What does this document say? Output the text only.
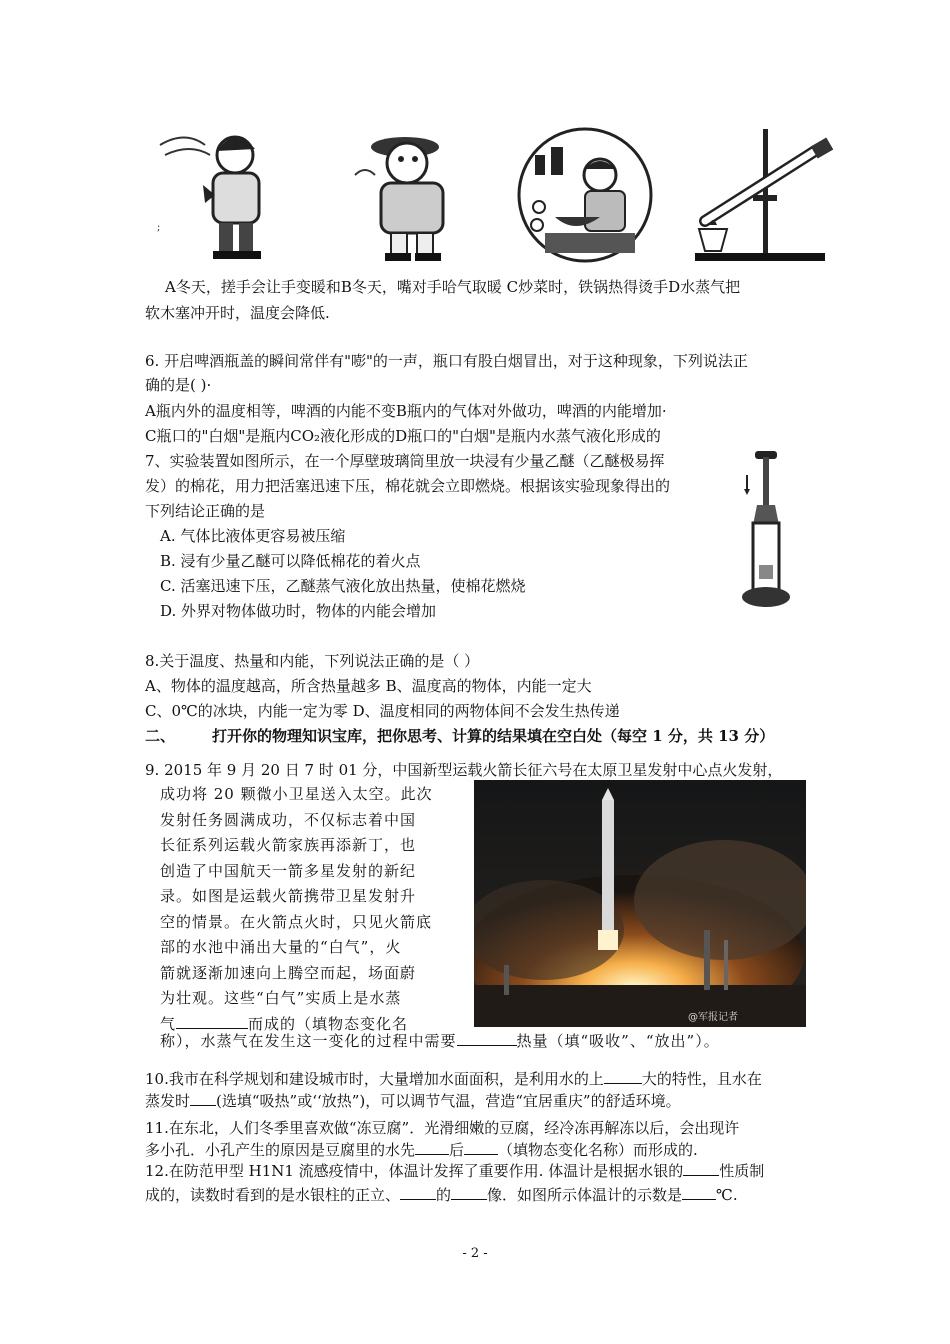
;
A冬天，搓手会让手变暖和B冬天，嘴对手哈气取暖 C炒菜时，铁锅热得烫手D水蒸气把
软木塞冲开时，温度会降低.
6. 开启啤酒瓶盖的瞬间常伴有"嘭"的一声，瓶口有股白烟冒出，对于这种现象，下列说法正
确的是( )·
A瓶内外的温度相等，啤酒的内能不变B瓶内的气体对外做功，啤酒的内能增加·
C瓶口的"白烟"是瓶内CO₂液化形成的D瓶口的"白烟"是瓶内水蒸气液化形成的
7、实验装置如图所示，在一个厚壁玻璃筒里放一块浸有少量乙醚（乙醚极易挥
发）的棉花，用力把活塞迅速下压，棉花就会立即燃烧。根据该实验现象得出的
下列结论正确的是
A. 气体比液体更容易被压缩
B. 浸有少量乙醚可以降低棉花的着火点
C. 活塞迅速下压，乙醚蒸气液化放出热量，使棉花燃烧
D. 外界对物体做功时，物体的内能会增加
8.关于温度、热量和内能，下列说法正确的是（ ）
A、物体的温度越高，所含热量越多 B、温度高的物体，内能一定大
C、0℃的冰块，内能一定为零 D、温度相同的两物体间不会发生热传递
二、 打开你的物理知识宝库，把你思考、计算的结果填在空白处（每空 1 分，共 13 分）
9. 2015 年 9 月 20 日 7 时 01 分，中国新型运载火箭长征六号在太原卫星发射中心点火发射，
成功将 20 颗微小卫星送入太空。此次
发射任务圆满成功，不仅标志着中国
长征系列运载火箭家族再添新丁，也
创造了中国航天一箭多星发射的新纪
录。如图是运载火箭携带卫星发射升
空的情景。在火箭点火时，只见火箭底
部的水池中涌出大量的“白气”，火
箭就逐渐加速向上腾空而起，场面蔚
为壮观。这些“白气”实质上是水蒸
气	而成的（填物态变化名	@军报记者
称），水蒸气在发生这一变化的过程中需要	热量（填“吸收”、“放出”）。
10.我市在科学规划和建设城市时，大量增加水面面积，是利用水的上	大的特性，且水在
蒸发时 (选填“吸热”或‘‘放热”)，可以调节气温，营造“宜居重庆”的舒适环境。
11.在东北，人们冬季里喜欢做“冻豆腐”．光滑细嫩的豆腐，经冷冻再解冻以后，会出现许
多小孔．小孔产生的原因是豆腐里的水先 后 （填物态变化名称）而形成的.
12.在防范甲型 H1N1 流感疫情中，体温计发挥了重要作用. 体温计是根据水银的 性质制
成的，读数时看到的是水银柱的正立、 的 像．如图所示体温计的示数是 ℃.
- 2 -
